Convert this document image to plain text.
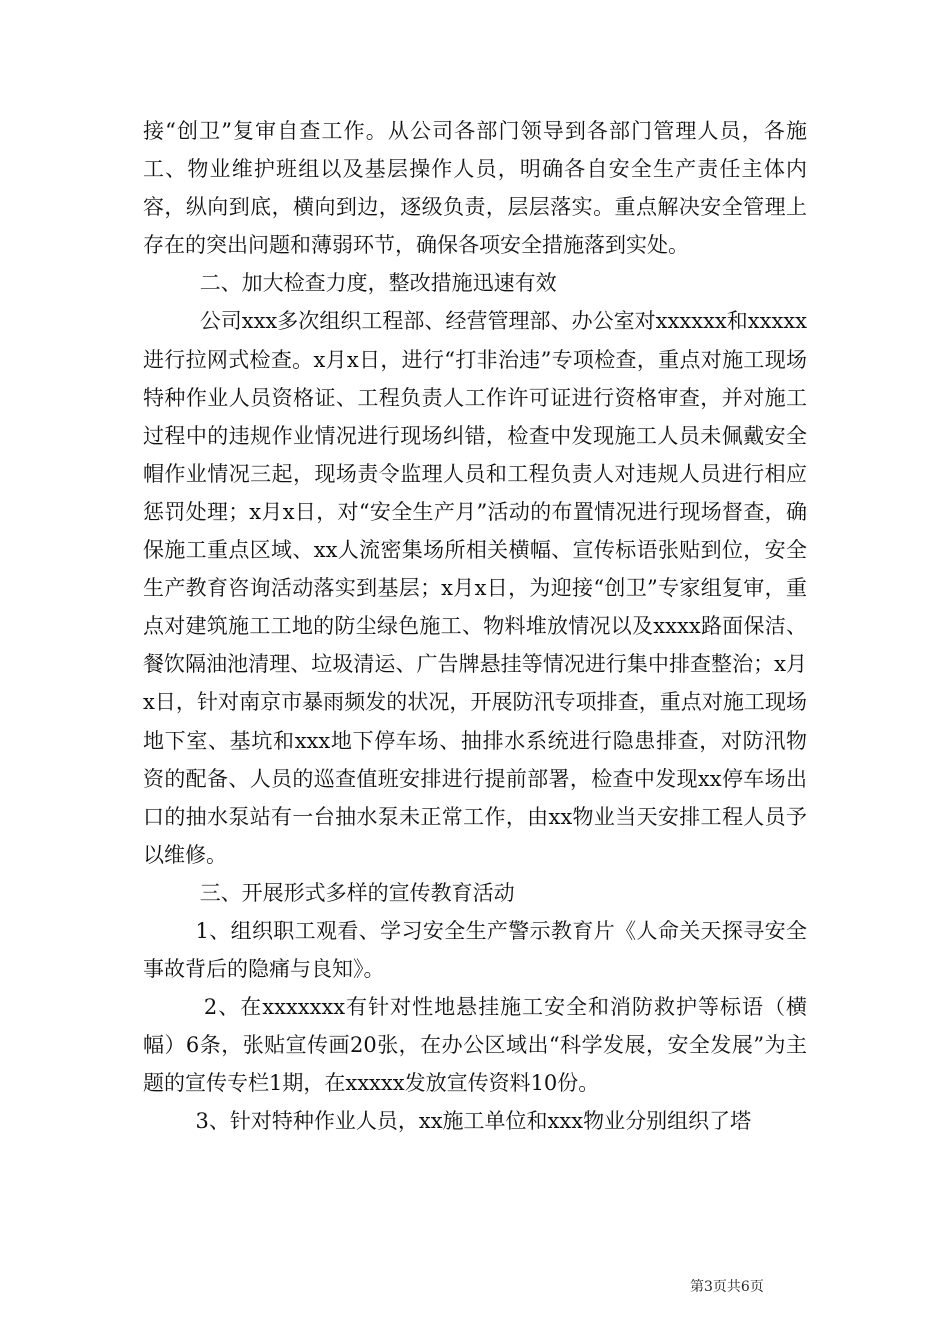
接“创卫”复审自查工作。从公司各部门领导到各部门管理人员，各施工、物业维护班组以及基层操作人员，明确各自安全生产责任主体内容，纵向到底，横向到边，逐级负责，层层落实。重点解决安全管理上存在的突出问题和薄弱环节，确保各项安全措施落到实处。

二、加大检查力度，整改措施迅速有效

公司xxx多次组织工程部、经营管理部、办公室对xxxxxx和xxxxx进行拉网式检查。x月x日，进行“打非治违”专项检查，重点对施工现场特种作业人员资格证、工程负责人工作许可证进行资格审查，并对施工过程中的违规作业情况进行现场纠错，检查中发现施工人员未佩戴安全帽作业情况三起，现场责令监理人员和工程负责人对违规人员进行相应惩罚处理；x月x日，对“安全生产月”活动的布置情况进行现场督查，确保施工重点区域、xx人流密集场所相关横幅、宣传标语张贴到位，安全生产教育咨询活动落实到基层；x月x日，为迎接“创卫”专家组复审，重点对建筑施工工地的防尘绿色施工、物料堆放情况以及xxxx路面保洁、餐饮隔油池清理、垃圾清运、广告牌悬挂等情况进行集中排查整治；x月x日，针对南京市暴雨频发的状况，开展防汛专项排查，重点对施工现场地下室、基坑和xxx地下停车场、抽排水系统进行隐患排查，对防汛物资的配备、人员的巡查值班安排进行提前部署，检查中发现xx停车场出口的抽水泵站有一台抽水泵未正常工作，由xx物业当天安排工程人员予以维修。

三、开展形式多样的宣传教育活动

1、组织职工观看、学习安全生产警示教育片《人命关天探寻安全事故背后的隐痛与良知》。

2、在xxxxxxx有针对性地悬挂施工安全和消防救护等标语（横幅）6条，张贴宣传画20张，在办公区域出“科学发展，安全发展”为主题的宣传专栏1期，在xxxxx发放宣传资料10份。

3、针对特种作业人员，xx施工单位和xxx物业分别组织了塔

第3页共6页
